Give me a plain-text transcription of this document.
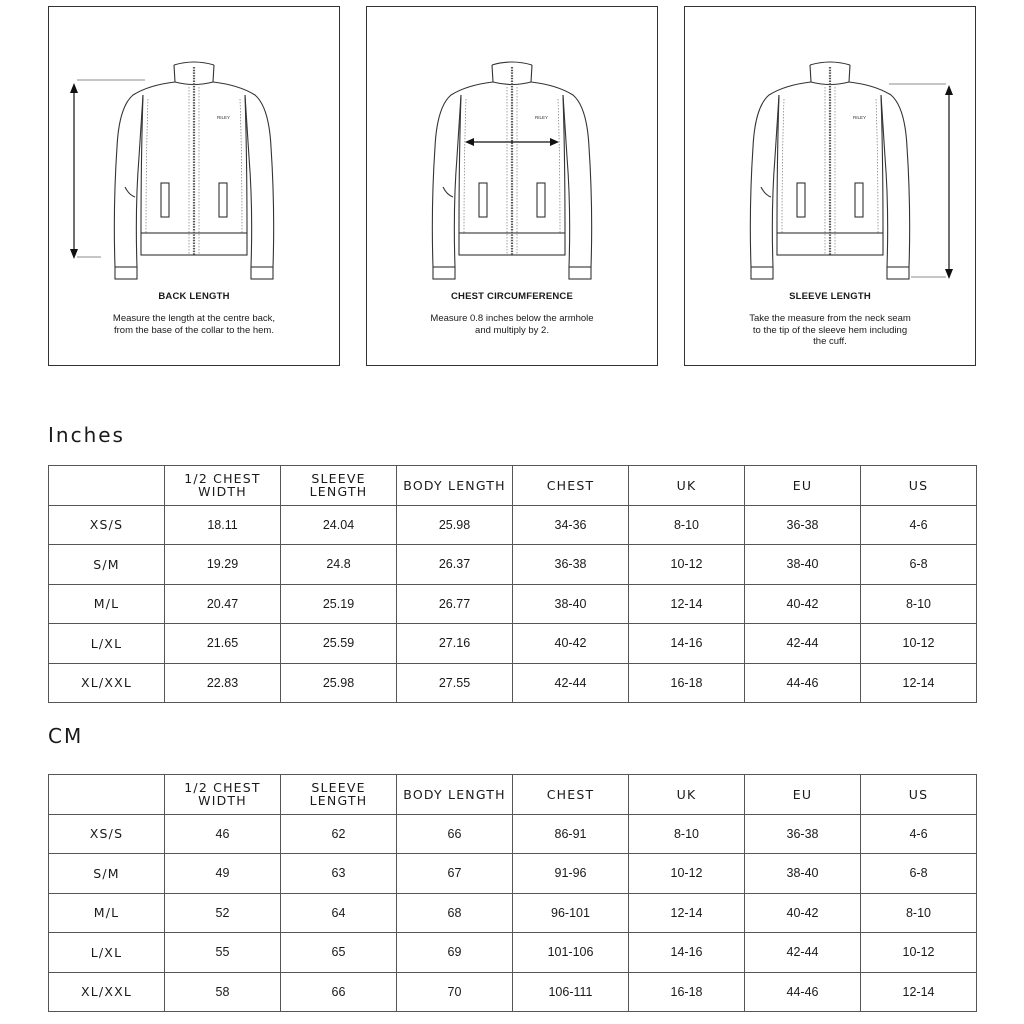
RILEY
BACK LENGTH
Measure the length at the centre back, from the base of the collar to the hem.
RILEY
CHEST CIRCUMFERENCE
Measure 0.8 inches below the armhole and multiply by 2.
RILEY
SLEEVE LENGTH
Take the measure from the neck seam to the tip of the sleeve hem including the cuff.
Inches
	1/2 CHEST WIDTH	SLEEVE LENGTH	BODY LENGTH	CHEST	UK	EU	US
XS/S	18.11	24.04	25.98	34-36	8-10	36-38	4-6
S/M	19.29	24.8	26.37	36-38	10-12	38-40	6-8
M/L	20.47	25.19	26.77	38-40	12-14	40-42	8-10
L/XL	21.65	25.59	27.16	40-42	14-16	42-44	10-12
XL/XXL	22.83	25.98	27.55	42-44	16-18	44-46	12-14
CM
	1/2 CHEST WIDTH	SLEEVE LENGTH	BODY LENGTH	CHEST	UK	EU	US
XS/S	46	62	66	86-91	8-10	36-38	4-6
S/M	49	63	67	91-96	10-12	38-40	6-8
M/L	52	64	68	96-101	12-14	40-42	8-10
L/XL	55	65	69	101-106	14-16	42-44	10-12
XL/XXL	58	66	70	106-111	16-18	44-46	12-14
